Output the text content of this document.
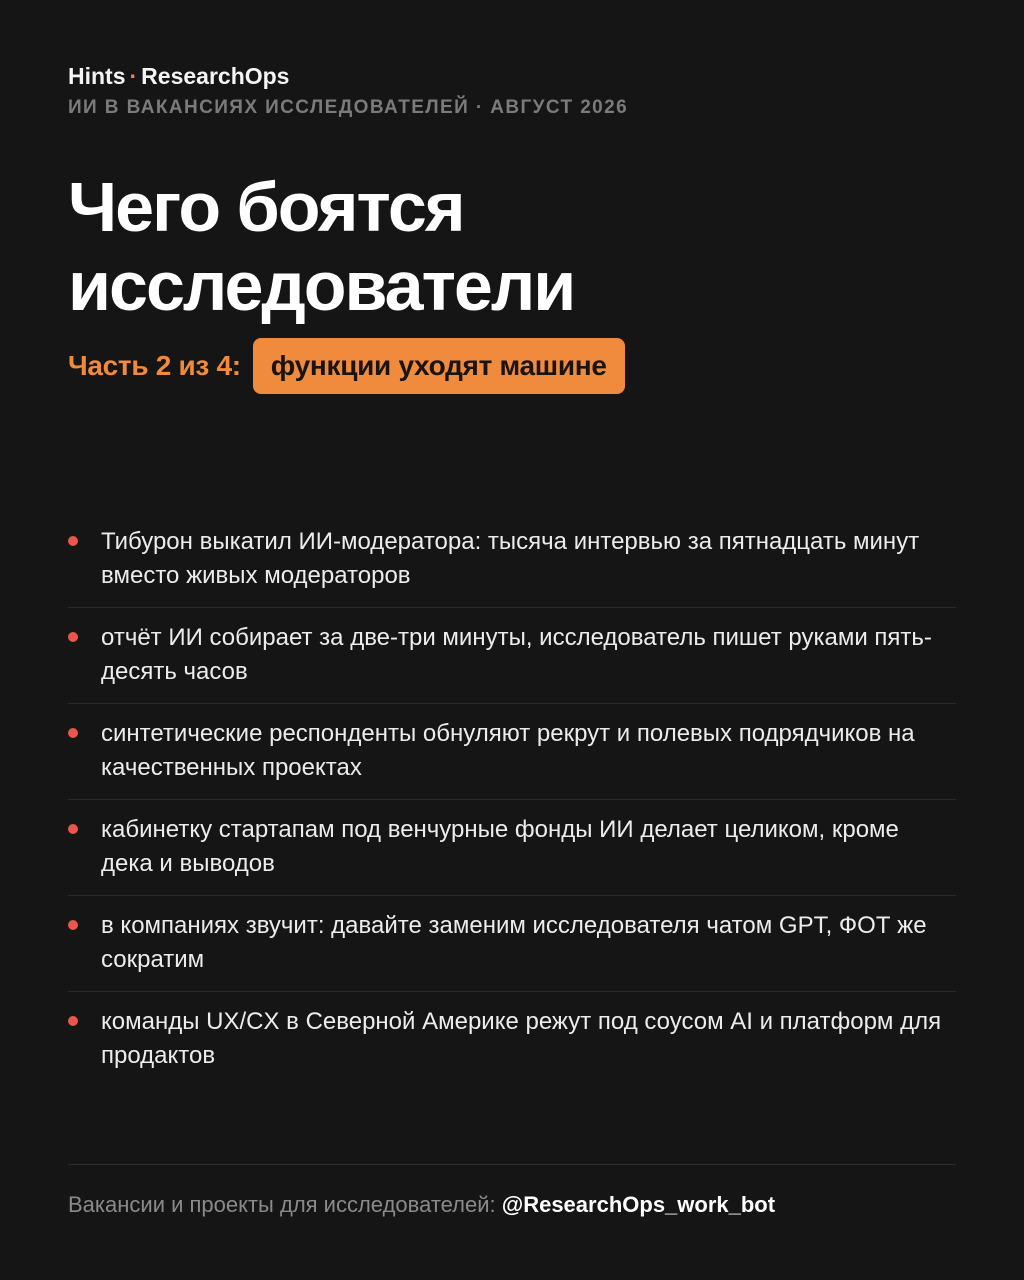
Hints · ResearchOps
ИИ В ВАКАНСИЯХ ИССЛЕДОВАТЕЛЕЙ · АВГУСТ 2026
Чего боятся
исследователи
Часть 2 из 4:	функции уходят машине
Тибурон выкатил ИИ-модератора: тысяча интервью за пятнадцать минут вместо живых модераторов
отчёт ИИ собирает за две-три минуты, исследователь пишет руками пять-десять часов
синтетические респонденты обнуляют рекрут и полевых подрядчиков на качественных проектах
кабинетку стартапам под венчурные фонды ИИ делает целиком, кроме дека и выводов
в компаниях звучит: давайте заменим исследователя чатом GPT, ФОТ же сократим
команды UX/CX в Северной Америке режут под соусом AI и платформ для продактов
Вакансии и проекты для исследователей: @ResearchOps_work_bot
